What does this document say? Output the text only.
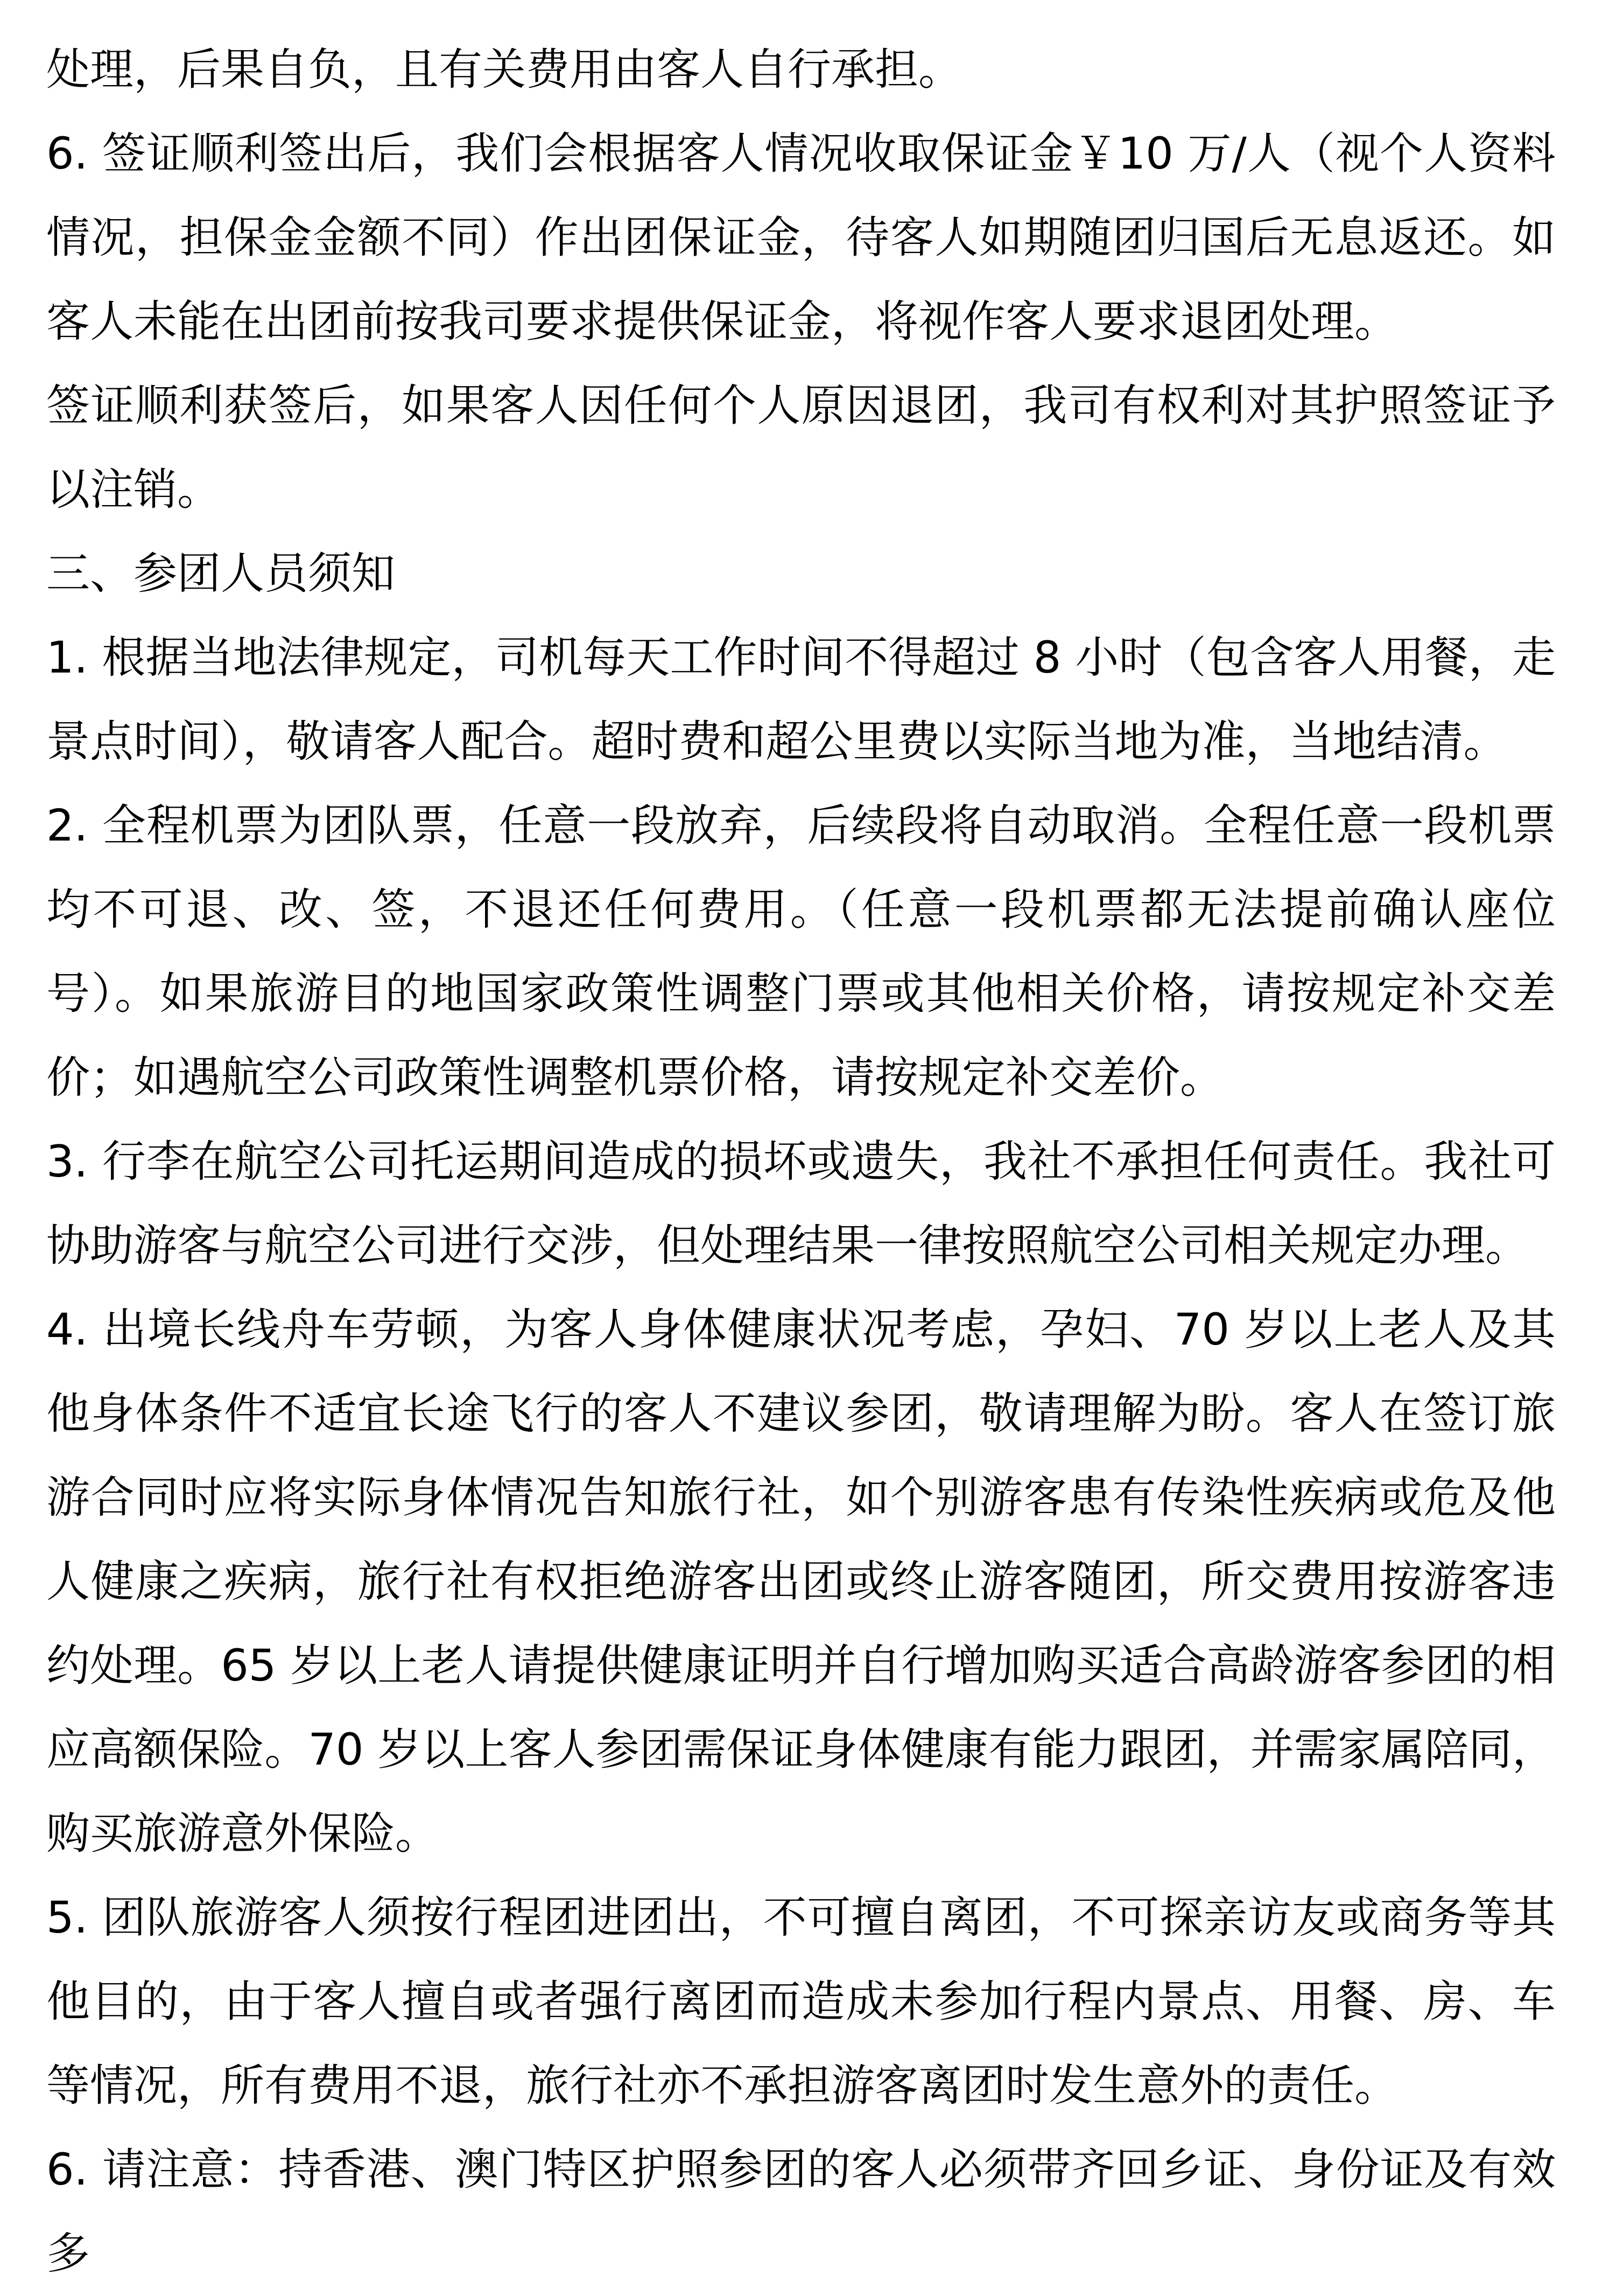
处理，后果自负，且有关费用由客人自行承担。

6. 签证顺利签出后，我们会根据客人情况收取保证金￥10 万/人（视个人资料情况，担保金金额不同）作出团保证金，待客人如期随团归国后无息返还。如客人未能在出团前按我司要求提供保证金，将视作客人要求退团处理。

签证顺利获签后，如果客人因任何个人原因退团，我司有权利对其护照签证予以注销。

三、参团人员须知

1. 根据当地法律规定，司机每天工作时间不得超过 8 小时（包含客人用餐，走景点时间），敬请客人配合。超时费和超公里费以实际当地为准，当地结清。

2. 全程机票为团队票，任意一段放弃，后续段将自动取消。全程任意一段机票均不可退、改、签，不退还任何费用。（任意一段机票都无法提前确认座位号）。如果旅游目的地国家政策性调整门票或其他相关价格，请按规定补交差价；如遇航空公司政策性调整机票价格，请按规定补交差价。

3. 行李在航空公司托运期间造成的损坏或遗失，我社不承担任何责任。我社可协助游客与航空公司进行交涉，但处理结果一律按照航空公司相关规定办理。

4. 出境长线舟车劳顿，为客人身体健康状况考虑，孕妇、70 岁以上老人及其他身体条件不适宜长途飞行的客人不建议参团，敬请理解为盼。客人在签订旅游合同时应将实际身体情况告知旅行社，如个别游客患有传染性疾病或危及他人健康之疾病，旅行社有权拒绝游客出团或终止游客随团，所交费用按游客违约处理。65 岁以上老人请提供健康证明并自行增加购买适合高龄游客参团的相应高额保险。70 岁以上客人参团需保证身体健康有能力跟团，并需家属陪同，购买旅游意外保险。

5. 团队旅游客人须按行程团进团出，不可擅自离团，不可探亲访友或商务等其他目的，由于客人擅自或者强行离团而造成未参加行程内景点、用餐、房、车等情况，所有费用不退，旅行社亦不承担游客离团时发生意外的责任。

6. 请注意：持香港、澳门特区护照参团的客人必须带齐回乡证、身份证及有效多
